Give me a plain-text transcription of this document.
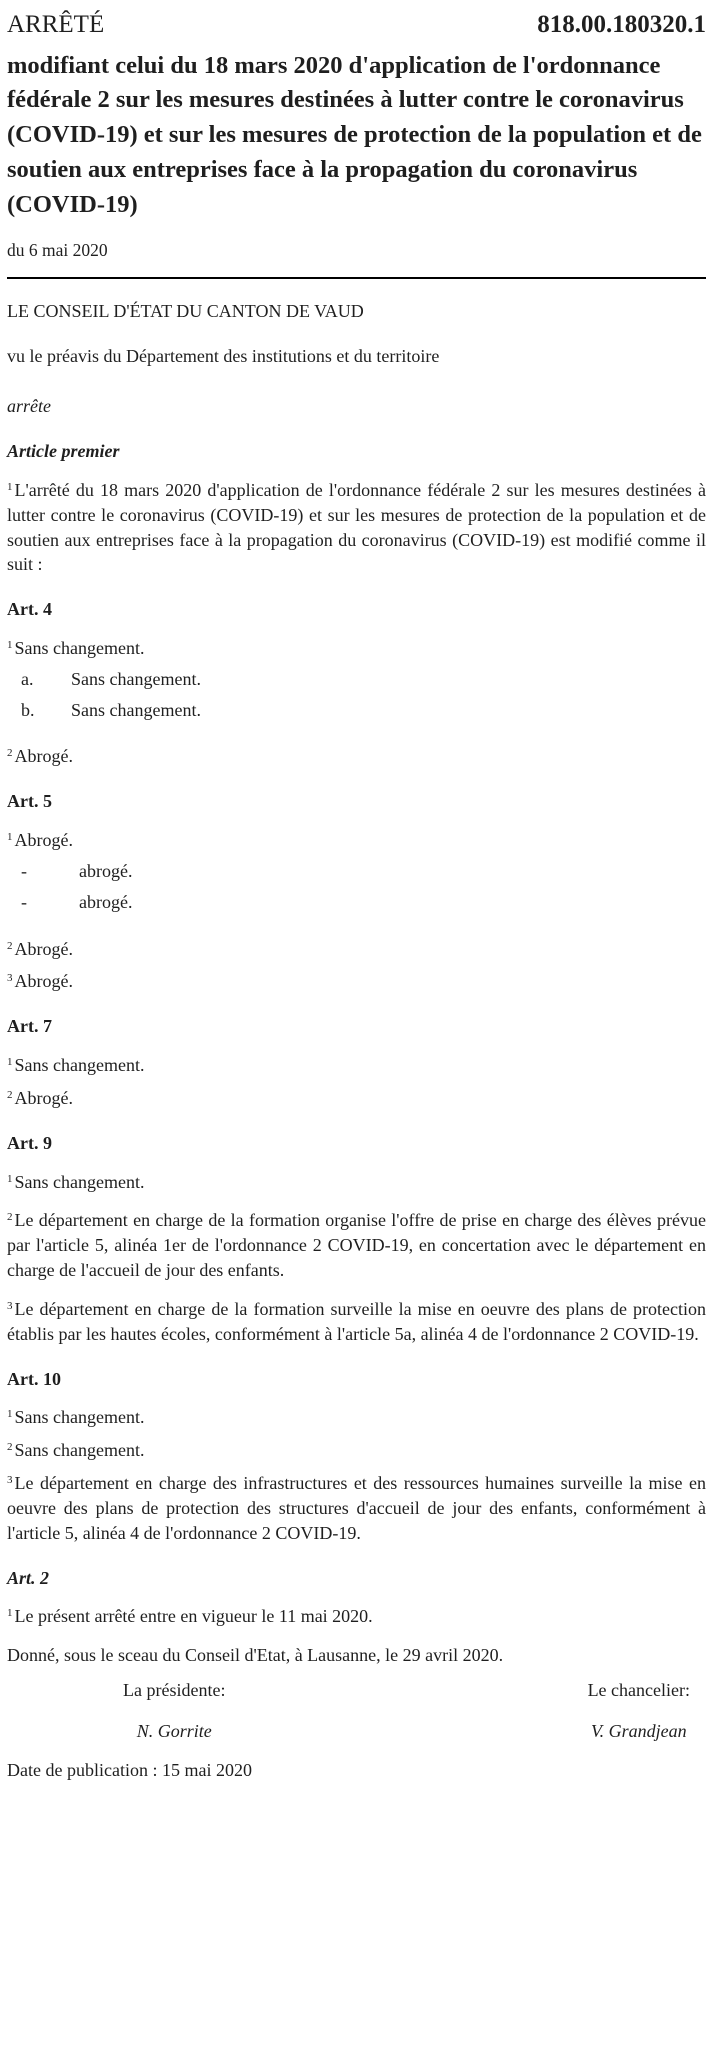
ARRÊTÉ	818.00.180320.1
modifiant celui du 18 mars 2020 d'application de l'ordonnance fédérale 2 sur les mesures destinées à lutter contre le coronavirus (COVID-19) et sur les mesures de protection de la population et de soutien aux entreprises face à la propagation du coronavirus (COVID-19)
du 6 mai 2020
LE CONSEIL D'ÉTAT DU CANTON DE VAUD
vu le préavis du Département des institutions et du territoire
arrête
Article premier
$^1$ L'arrêté du 18 mars 2020 d'application de l'ordonnance fédérale 2 sur les mesures destinées à lutter contre le coronavirus (COVID-19) et sur les mesures de protection de la population et de soutien aux entreprises face à la propagation du coronavirus (COVID-19) est modifié comme il suit :
Art. 4
$^1$ Sans changement.
a.	Sans changement.
b.	Sans changement.
$^2$ Abrogé.
Art. 5
$^1$ Abrogé.
-	abrogé.
-	abrogé.
$^2$ Abrogé.
$^3$ Abrogé.
Art. 7
$^1$ Sans changement.
$^2$ Abrogé.
Art. 9
$^1$ Sans changement.
$^2$ Le département en charge de la formation organise l'offre de prise en charge des élèves prévue par l'article 5, alinéa 1er de l'ordonnance 2 COVID-19, en concertation avec le département en charge de l'accueil de jour des enfants.
$^3$ Le département en charge de la formation surveille la mise en oeuvre des plans de protection établis par les hautes écoles, conformément à l'article 5a, alinéa 4 de l'ordonnance 2 COVID-19.
Art. 10
$^1$ Sans changement.
$^2$ Sans changement.
$^3$ Le département en charge des infrastructures et des ressources humaines surveille la mise en oeuvre des plans de protection des structures d'accueil de jour des enfants, conformément à l'article 5, alinéa 4 de l'ordonnance 2 COVID-19.
Art. 2
$^1$ Le présent arrêté entre en vigueur le 11 mai 2020.
Donné, sous le sceau du Conseil d'Etat, à Lausanne, le 29 avril 2020.
La présidente:
N. Gorrite
Le chancelier:
V. Grandjean
Date de publication : 15 mai 2020
